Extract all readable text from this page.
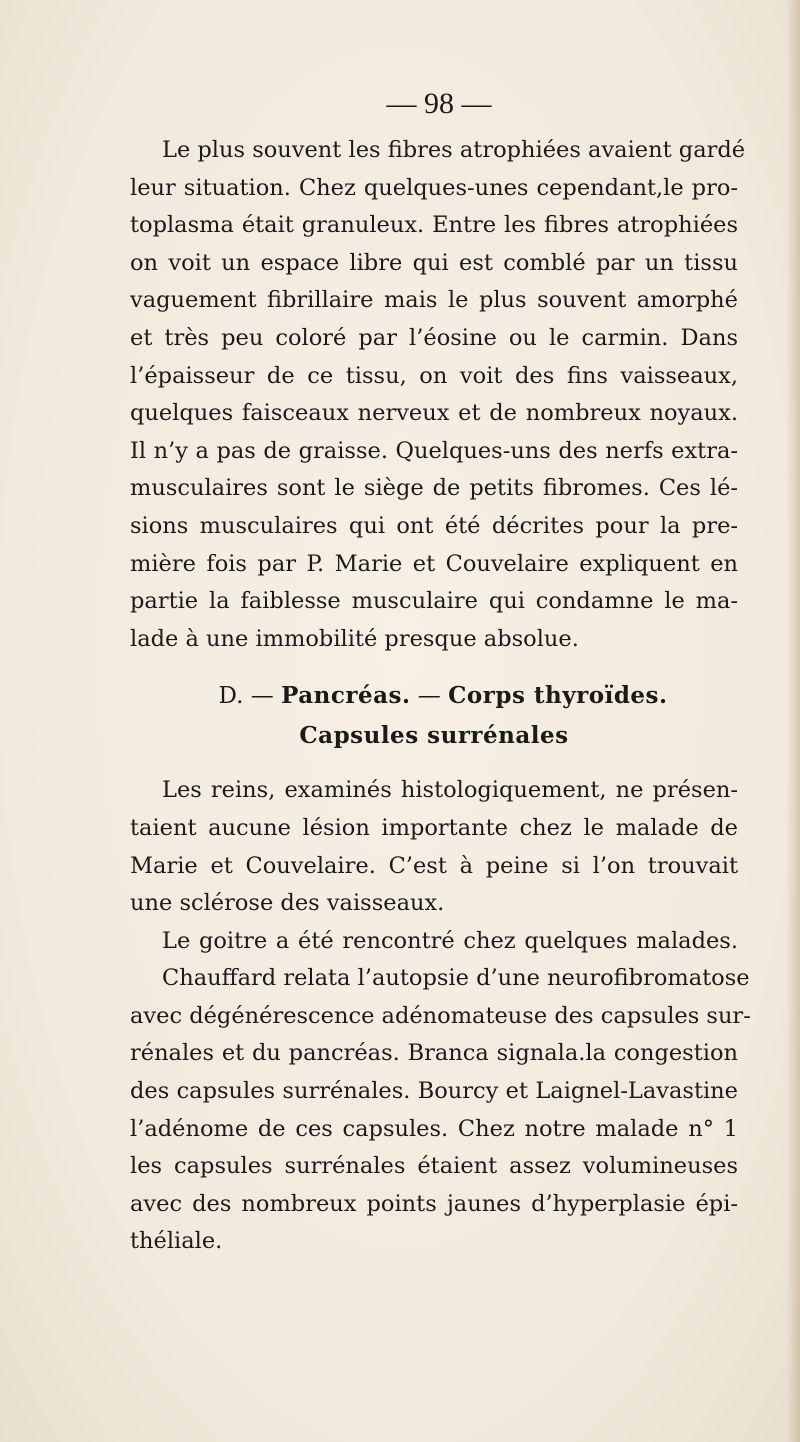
— 98 —
Le plus souvent les fibres atrophiées avaient gardé
leur situation. Chez quelques-unes cependant,le pro-
toplasma était granuleux. Entre les fibres atrophiées
on voit un espace libre qui est comblé par un tissu
vaguement fibrillaire mais le plus souvent amorphé
et très peu coloré par l’éosine ou le carmin. Dans
l’épaisseur de ce tissu, on voit des fins vaisseaux,
quelques faisceaux nerveux et de nombreux noyaux.
Il n’y a pas de graisse. Quelques-uns des nerfs extra-
musculaires sont le siège de petits fibromes. Ces lé-
sions musculaires qui ont été décrites pour la pre-
mière fois par P. Marie et Couvelaire expliquent en
partie la faiblesse musculaire qui condamne le ma-
lade à une immobilité presque absolue.
D. — Pancréas. — Corps thyroïdes.
Capsules surrénales
Les reins, examinés histologiquement, ne présen-
taient aucune lésion importante chez le malade de
Marie et Couvelaire. C’est à peine si l’on trouvait
une sclérose des vaisseaux.
Le goitre a été rencontré chez quelques malades.
Chauffard relata l’autopsie d’une neurofibromatose
avec dégénérescence adénomateuse des capsules sur-
rénales et du pancréas. Branca signala.la congestion
des capsules surrénales. Bourcy et Laignel-Lavastine
l’adénome de ces capsules. Chez notre malade n° 1
les capsules surrénales étaient assez volumineuses
avec des nombreux points jaunes d’hyperplasie épi-
théliale.
